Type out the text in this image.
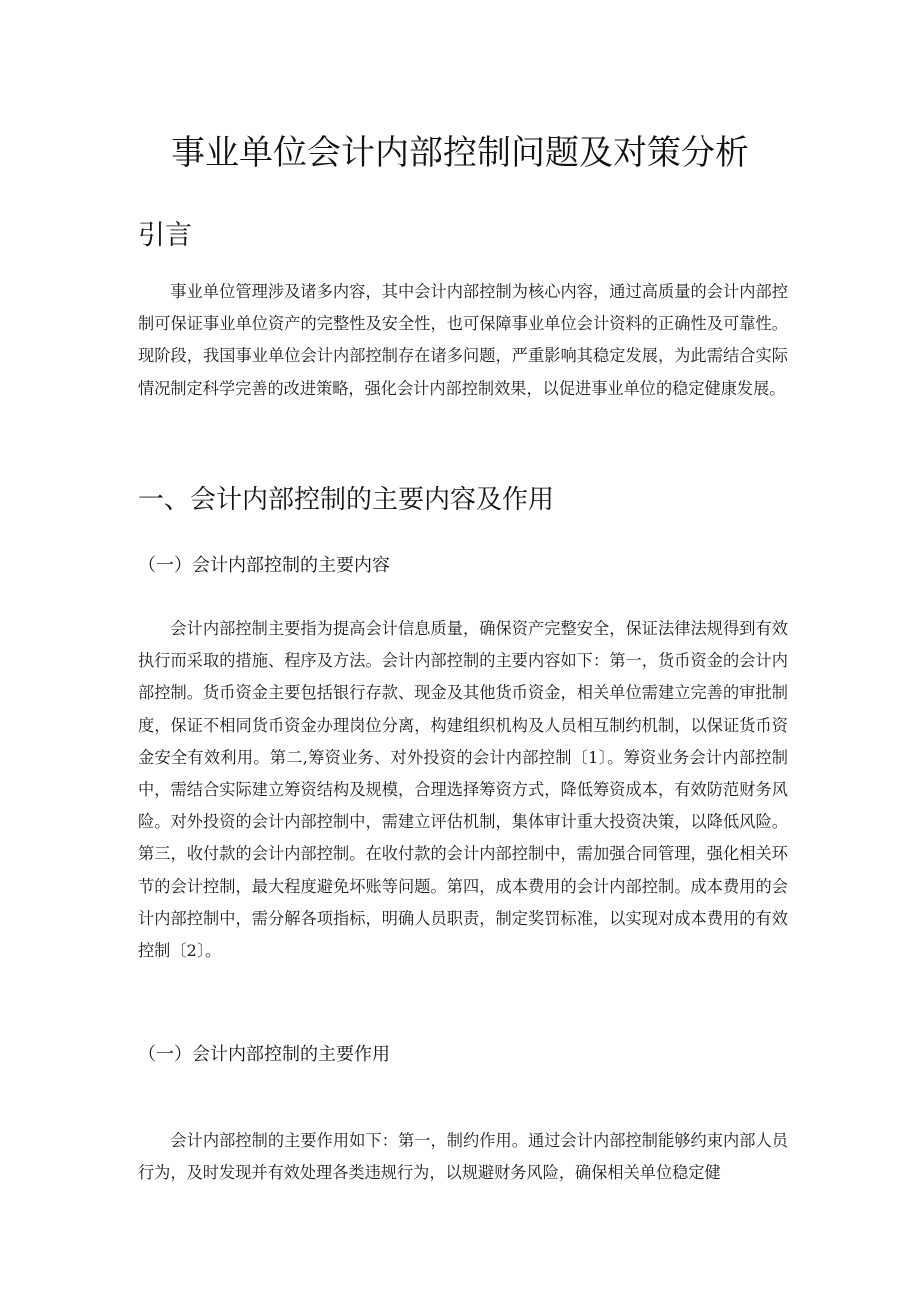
事业单位会计内部控制问题及对策分析
引言

事业单位管理涉及诸多内容，其中会计内部控制为核心内容，通过高质量的会计内部控制可保证事业单位资产的完整性及安全性，也可保障事业单位会计资料的正确性及可靠性。现阶段，我国事业单位会计内部控制存在诸多问题，严重影响其稳定发展，为此需结合实际情况制定科学完善的改进策略，强化会计内部控制效果，以促进事业单位的稳定健康发展。

一、会计内部控制的主要内容及作用
（一）会计内部控制的主要内容

会计内部控制主要指为提高会计信息质量，确保资产完整安全，保证法律法规得到有效执行而采取的措施、程序及方法。会计内部控制的主要内容如下：第一，货币资金的会计内部控制。货币资金主要包括银行存款、现金及其他货币资金，相关单位需建立完善的审批制度，保证不相同货币资金办理岗位分离，构建组织机构及人员相互制约机制，以保证货币资金安全有效利用。第二,筹资业务、对外投资的会计内部控制〔1〕。筹资业务会计内部控制中，需结合实际建立筹资结构及规模，合理选择筹资方式，降低筹资成本，有效防范财务风险。对外投资的会计内部控制中，需建立评估机制，集体审计重大投资决策，以降低风险。第三，收付款的会计内部控制。在收付款的会计内部控制中，需加强合同管理，强化相关环节的会计控制，最大程度避免坏账等问题。第四，成本费用的会计内部控制。成本费用的会计内部控制中，需分解各项指标，明确人员职责，制定奖罚标准，以实现对成本费用的有效控制〔2〕。

（一）会计内部控制的主要作用

会计内部控制的主要作用如下：第一，制约作用。通过会计内部控制能够约束内部人员行为，及时发现并有效处理各类违规行为，以规避财务风险，确保相关单位稳定健
